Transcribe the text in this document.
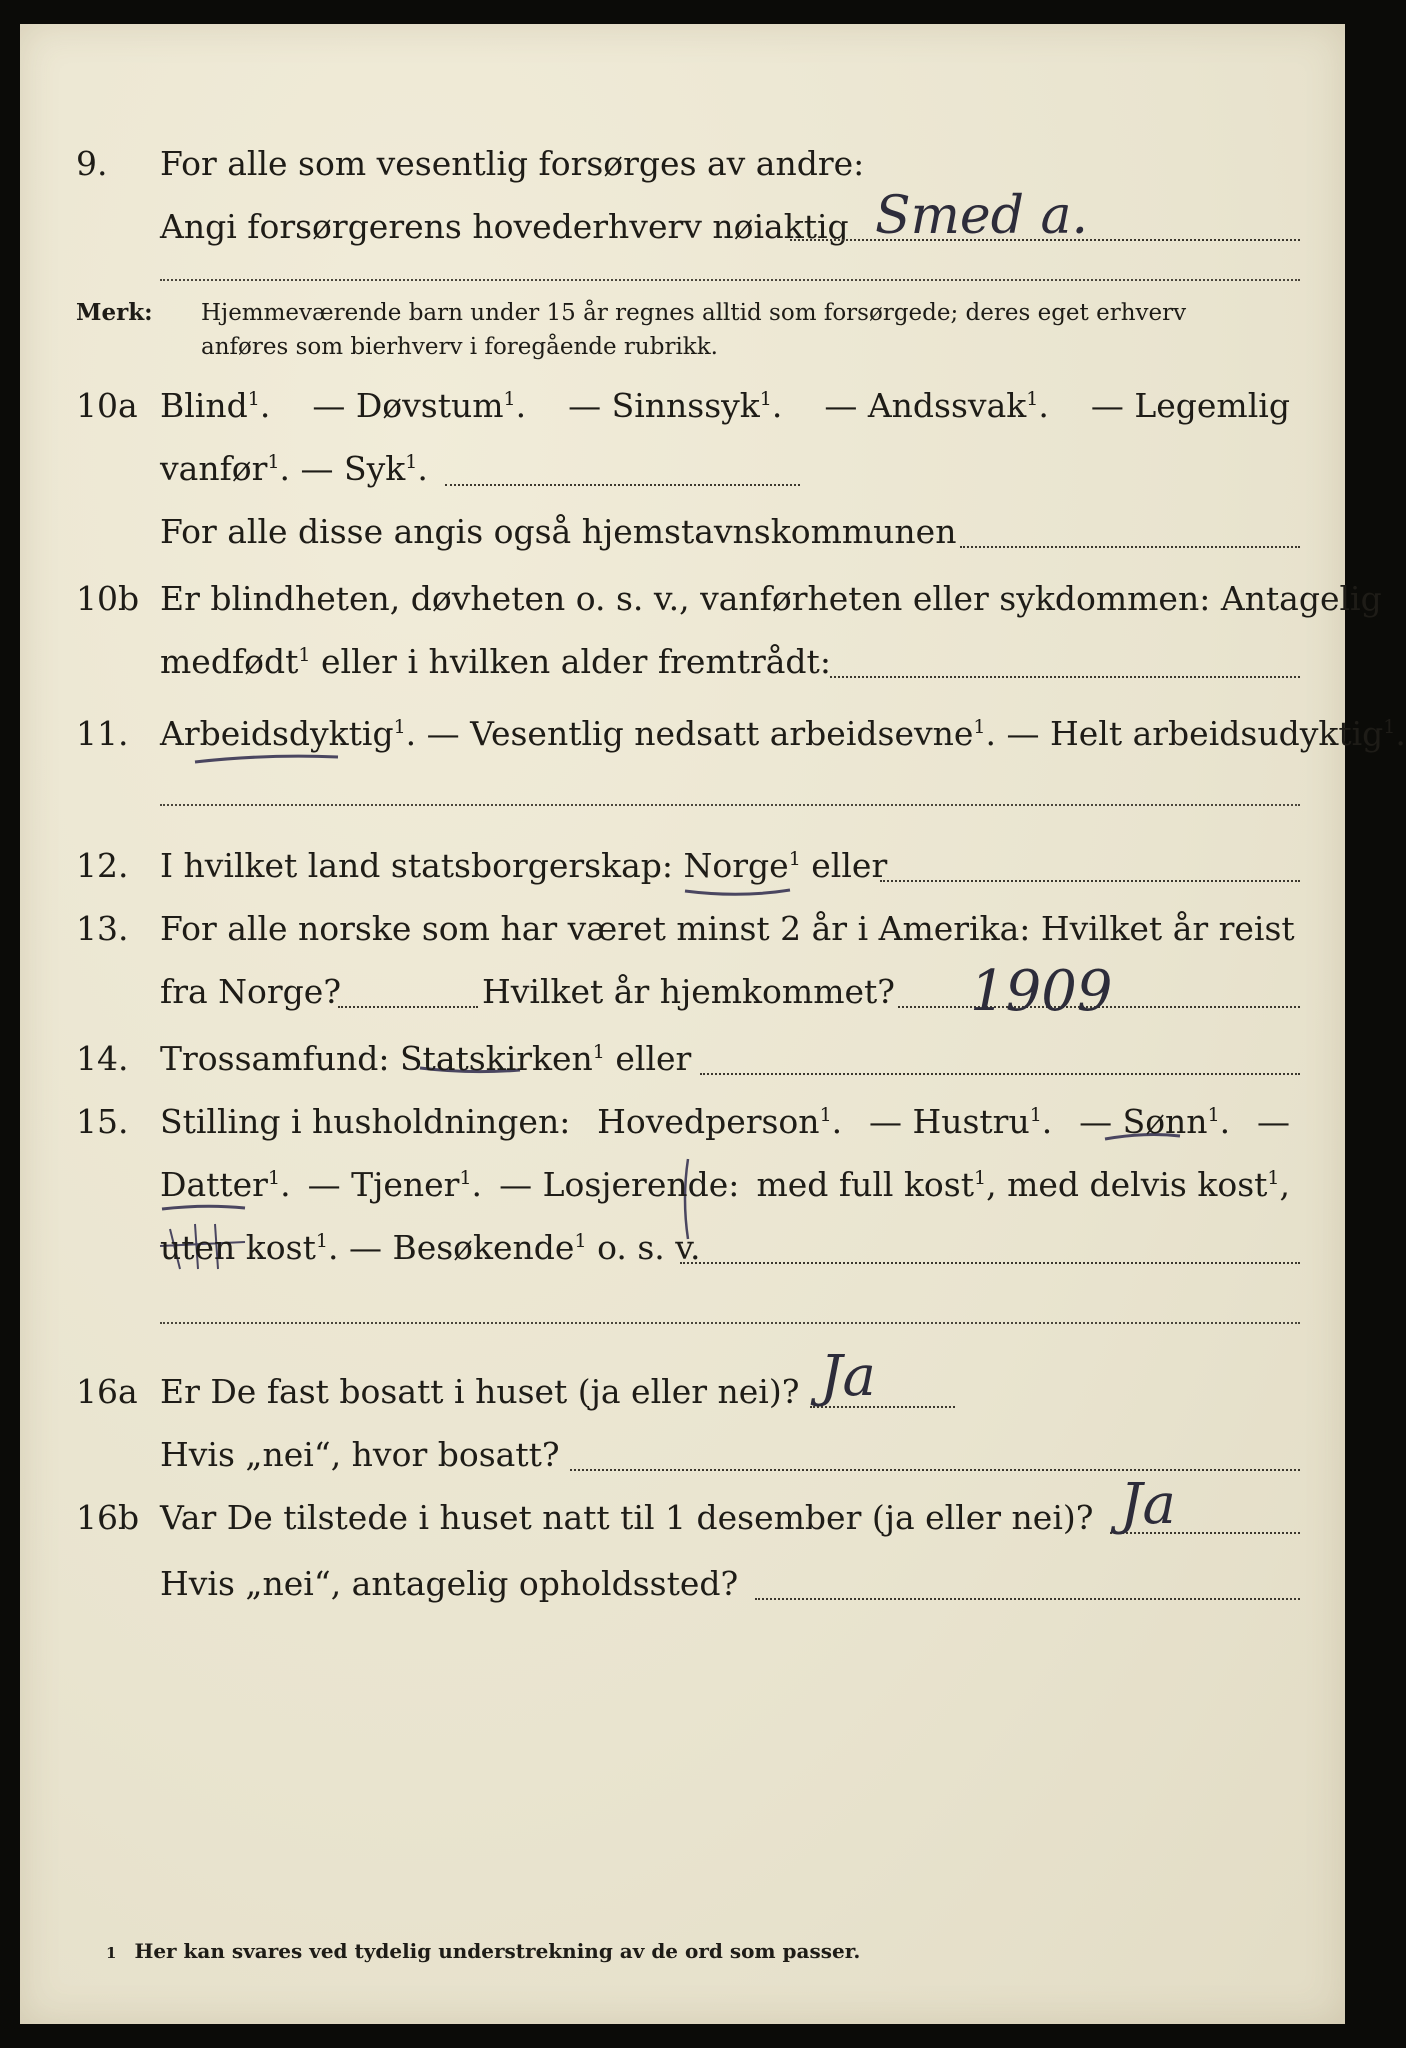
9.	For alle som vesentlig forsørges av andre:
Angi forsørgerens hovederhverv nøiaktig Smed a.
Merk: Hjemmeværende barn under 15 år regnes alltid som forsørgede; deres eget erhverv
anføres som bierhverv i foregående rubrikk.
10a Blind$^1$. — Døvstum$^1$. — Sinnssyk$^1$. — Andssvak$^1$. — Legemlig
vanfør$^1$. — Syk$^1$.
For alle disse angis også hjemstavnskommunen
10b Er blindheten, døvheten o. s. v., vanførheten eller sykdommen: Antagelig
medfødt$^1$ eller i hvilken alder fremtrådt:
11. Arbeidsdyktig$^1$. — Vesentlig nedsatt arbeidsevne$^1$. — Helt arbeidsudyktig$^1$.
12. I hvilket land statsborgerskap: Norge$^1$ eller
13. For alle norske som har været minst 2 år i Amerika: Hvilket år reist
fra Norge?	Hvilket år hjemkommet? 1909
14. Trossamfund: Statskirken$^1$ eller
15. Stilling i husholdningen: Hovedperson$^1$. — Hustru$^1$. — Sønn$^1$. —
Datter$^1$. — Tjener$^1$. — Losjerende: med full kost$^1$, med delvis kost$^1$,
uten kost$^1$. — Besøkende$^1$ o. s. v.
16a Er De fast bosatt i huset (ja eller nei)? Ja
Hvis „nei“, hvor bosatt?
16b Var De tilstede i huset natt til 1 desember (ja eller nei)? Ja
Hvis „nei“, antagelig opholdssted?
1 Her kan svares ved tydelig understrekning av de ord som passer.
